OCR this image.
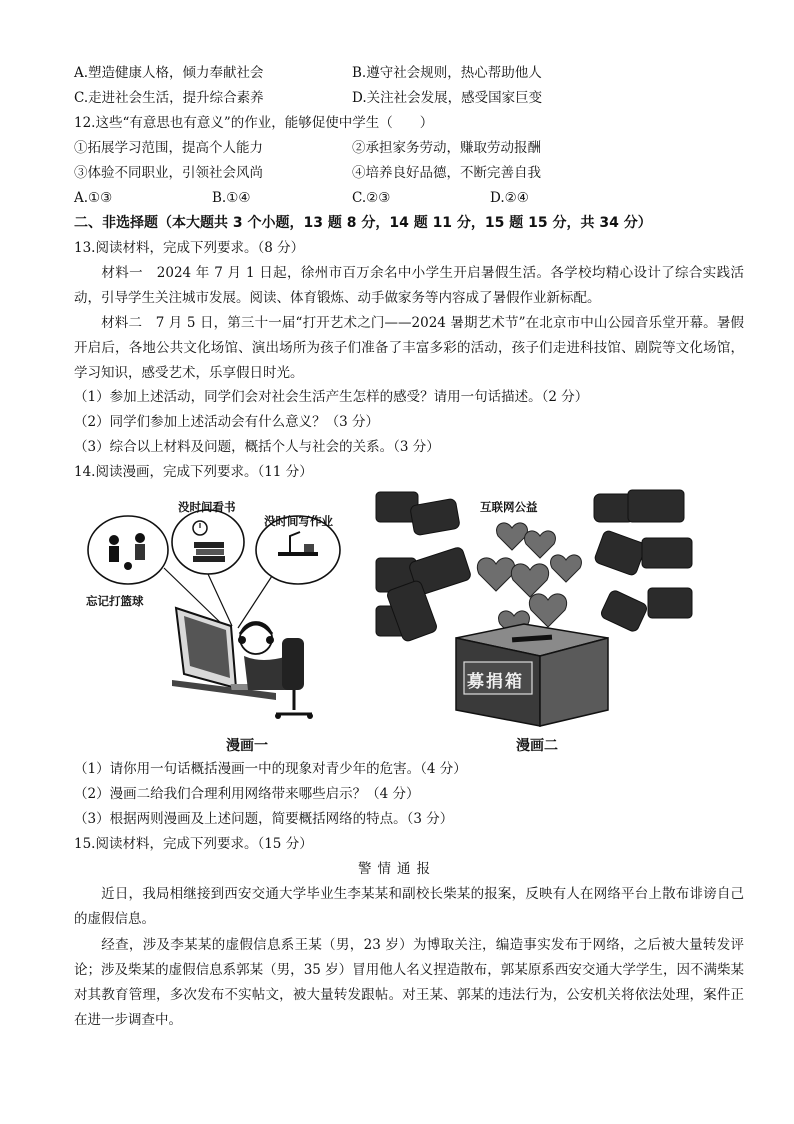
A.塑造健康人格，倾力奉献社会	B.遵守社会规则，热心帮助他人
C.走进社会生活，提升综合素养	D.关注社会发展，感受国家巨变
12.这些“有意思也有意义”的作业，能够促使中学生（　　）
①拓展学习范围，提高个人能力	②承担家务劳动，赚取劳动报酬
③体验不同职业，引领社会风尚	④培养良好品德，不断完善自我
A.①③	B.①④	C.②③	D.②④
二、非选择题（本大题共 3 个小题，13 题 8 分，14 题 11 分，15 题 15 分，共 34 分）
13.阅读材料，完成下列要求。（8 分）
材料一　2024 年 7 月 1 日起，徐州市百万余名中小学生开启暑假生活。各学校均精心设计了综合实践活动，引导学生关注城市发展。阅读、体育锻炼、动手做家务等内容成了暑假作业新标配。
材料二　7 月 5 日，第三十一届“打开艺术之门——2024 暑期艺术节”在北京市中山公园音乐堂开幕。暑假开启后，各地公共文化场馆、演出场所为孩子们准备了丰富多彩的活动，孩子们走进科技馆、剧院等文化场馆，学习知识，感受艺术，乐享假日时光。
（1）参加上述活动，同学们会对社会生活产生怎样的感受？请用一句话描述。（2 分）
（2）同学们参加上述活动会有什么意义？（3 分）
（3）综合以上材料及问题，概括个人与社会的关系。（3 分）
14.阅读漫画，完成下列要求。（11 分）
没时间看书
没时间写作业
忘记打篮球
漫画一
互联网公益
募捐箱
漫画二
（1）请你用一句话概括漫画一中的现象对青少年的危害。（4 分）
（2）漫画二给我们合理利用网络带来哪些启示？（4 分）
（3）根据两则漫画及上述问题，简要概括网络的特点。（3 分）
15.阅读材料，完成下列要求。（15 分）
警情通报
近日，我局相继接到西安交通大学毕业生李某某和副校长柴某的报案，反映有人在网络平台上散布诽谤自己的虚假信息。
经查，涉及李某某的虚假信息系王某（男，23 岁）为博取关注，编造事实发布于网络，之后被大量转发评论；涉及柴某的虚假信息系郭某（男，35 岁）冒用他人名义捏造散布，郭某原系西安交通大学学生，因不满柴某对其教育管理，多次发布不实帖文，被大量转发跟帖。对王某、郭某的违法行为，公安机关将依法处理，案件正在进一步调查中。
